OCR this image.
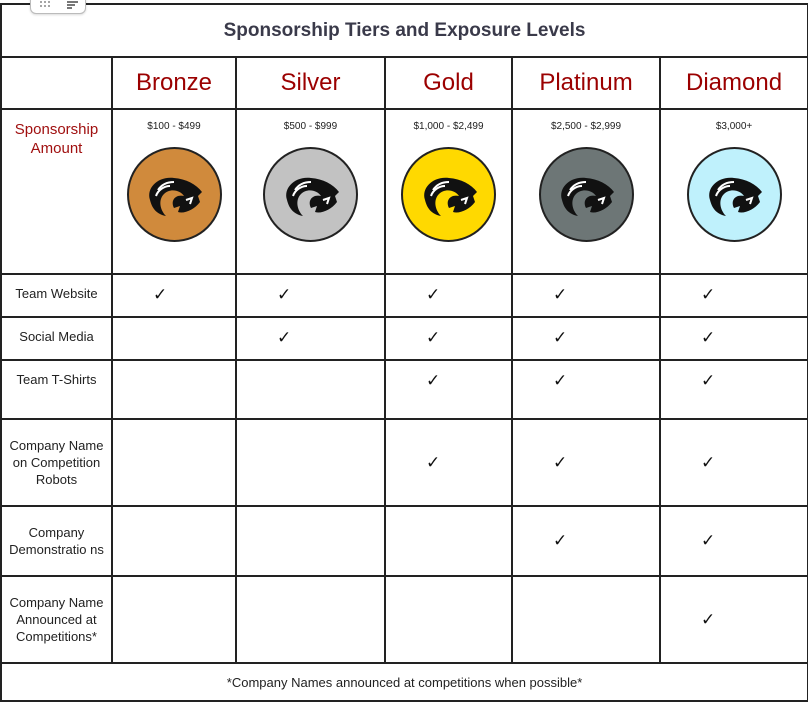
Sponsorship Tiers and Exposure Levels					
	Bronze	Silver	Gold	Platinum	Diamond
Sponsorship Amount	$100 - $499	$500 - $999	$1,000 - $2,499	$2,500 - $2,999	$3,000+

Team Website	✓	✓	✓	✓	✓
Social Media		✓	✓	✓	✓
Team T-Shirts			✓	✓	✓
Company Name on Competition Robots			✓	✓	✓
Company Demonstratio ns				✓	✓
Company Name Announced at Competitions*					✓
*Company Names announced at competitions when possible*					
